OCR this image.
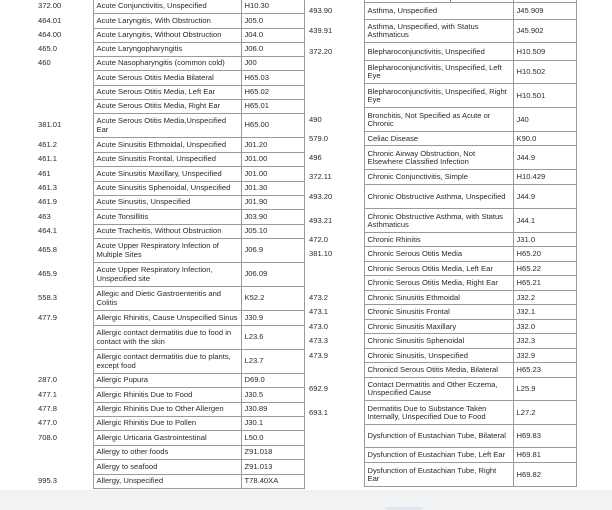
372.00	Acute Conjunctivitis, Unspecified	H10.30
464.01	Acute Laryngitis, With Obstruction	J05.0
464.00	Acute Laryngitis, Without Obstruction	J04.0
465.0	Acute Laryngopharyngitis	J06.0
460	Acute Nasopharyngitis (common cold)	J00
	Acute Serous Otitis Media Bilateral	H65.03
	Acute Serous Otitis Media, Left Ear	H65.02
	Acute Serous Otitis Media, Right Ear	H65.01
381.01	Acute Serous Otitis Media,Unspecified Ear	H65.00
461.2	Acute Sinusitis Ethmoidal, Unspecified	J01.20
461.1	Acute Sinusitis Frontal, Unspecified	J01.00
461	Acute Sinusitis Maxillary, Unspecified	J01.00
461.3	Acute Sinusitis Sphenoidal, Unspecified	J01.30
461.9	Acute Sinusitis, Unspecified	J01.90
463	Acute Tonsillitis	J03.90
464.1	Acute Tracheitis, Without Obstruction	J05.10
465.8	Acute Upper Respiratory Infection of Multiple Sites	J06.9
465.9	Acute Upper Respiratory Infection, Unspecified site	J06.09
558.3	Allegic and Dietic Gastroenteritis and Colitis	K52.2
477.9	Allergic Rhinitis, Cause Unspecified Sinus	J30.9
	Allergic contact dermatitis due to food in contact with the skin	L23.6
	Allergic contact dermatitis due to plants, except food	L23.7
287.0	Allergic Pupura	D69.0
477.1	Allergic Rhinitis Due to Food	J30.5
477.8	Allergic Rhinitis Due to Other Allergen	J30.89
477.0	Allergic Rhinitis Due to Pollen	J30.1
708.0	Allergic Urticaria Gastrointestinal	L50.0
	Allergy to other foods	Z91.018
	Allergy to seafood	Z91.013
995.3	Allergy, Unspecified	T78.40XA

493.90	Asthma, Unspecified	J45.909
439.91	Asthma, Unspecified, with Status Asthmaticus	J45.902
372.20	Blepharoconjunctivitis, Unspecified	H10.509
	Blepharoconjunctivitis, Unspecified, Left Eye	H10.502
	Blepharoconjunctivitis, Unspecified, Right Eye	H10.501
490	Bronchitis, Not Specified as Acute or Chronic	J40
579.0	Celiac Disease	K90.0
496	Chronic Airway Obstruction, Not Elsewhere Classified Infection	J44.9
372.11	Chronic Conjunctivitis, Simple	H10.429
493.20	Chronic Obstructive Asthma, Unspecified	J44.9
493.21	Chronic Obstructive Asthma, with Status Asthmaticus	J44.1
472.0	Chronic Rhinitis	J31.0
381.10	Chronic Serous Otitis Media	H65.20
	Chronic Serous Otitis Media, Left Ear	H65.22
	Chronic Serous Otitis Media, Right Ear	H65.21
473.2	Chronic Sinusitis Ethmoidal	J32.2
473.1	Chronic Sinusitis Frontal	J32.1
473.0	Chronic Sinusitis Maxillary	J32.0
473.3	Chronic Sinusitis Sphenoidal	J32.3
473.9	Chronic Sinusitis, Unspecified	J32.9
	Chronicd Serous Otitis Media, Bilateral	H65.23
692.9	Contact Dermatitis and Other Eczema, Unspecified Cause	L25.9
693.1	Dermatitis Due to Substance Taken Internally, Unspecified Due to Food	L27.2
	Dysfunction of Eustachian Tube, Bilateral	H69.83
	Dysfunction of Eustachian Tube, Left Ear	H69.81
	Dysfunction of Eustachian Tube, Right Ear	H69.82
